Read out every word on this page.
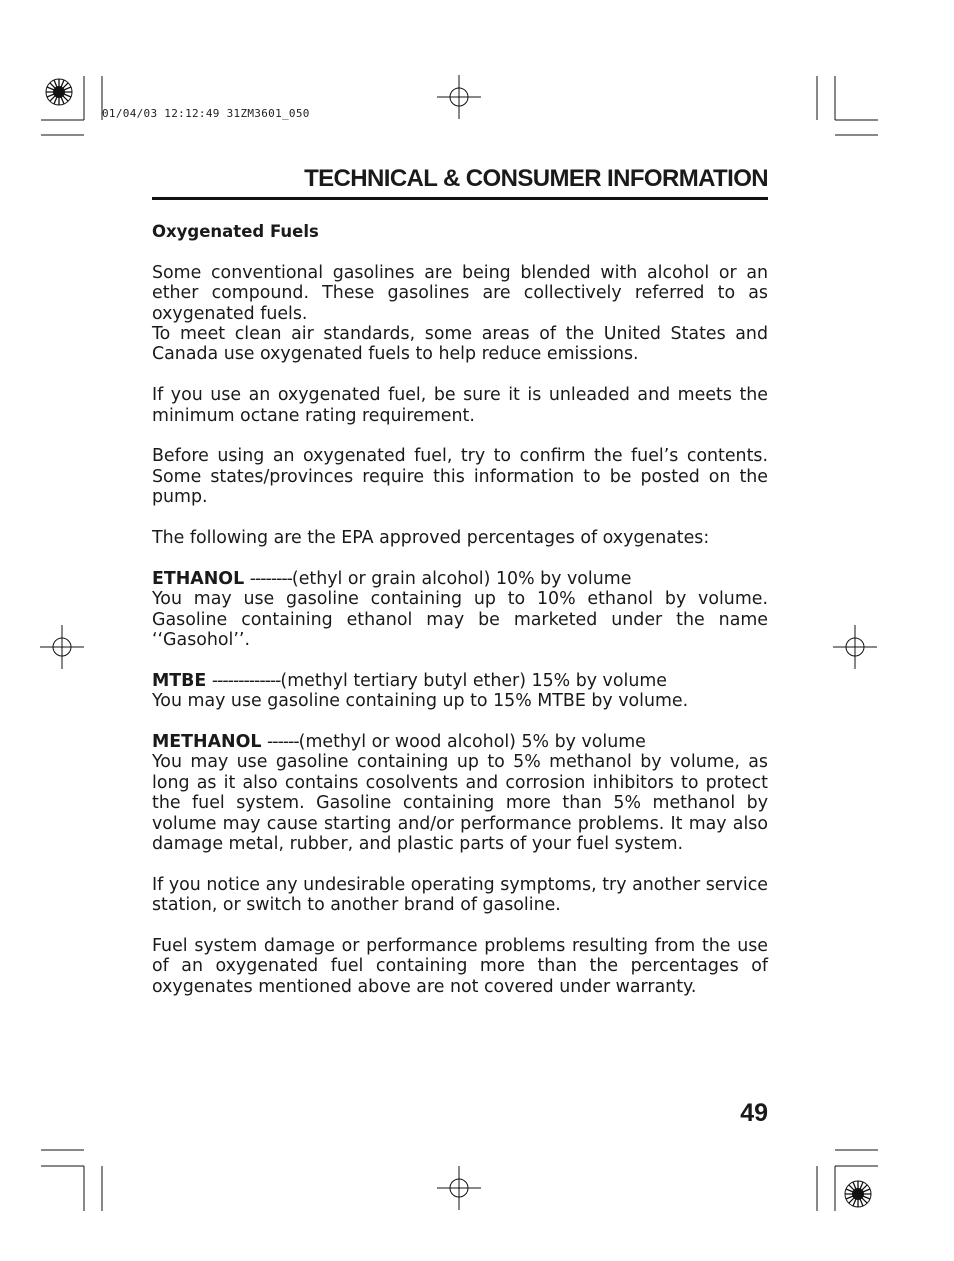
01/04/03 12:12:49 31ZM3601_050
TECHNICAL & CONSUMER INFORMATION
Oxygenated Fuels

Some conventional gasolines are being blended with alcohol or an ether compound. These gasolines are collectively referred to as oxygenated fuels.

To meet clean air standards, some areas of the United States and Canada use oxygenated fuels to help reduce emissions.

If you use an oxygenated fuel, be sure it is unleaded and meets the minimum octane rating requirement.

Before using an oxygenated fuel, try to confirm the fuel’s contents. Some states/provinces require this information to be posted on the pump.

The following are the EPA approved percentages of oxygenates:

ETHANOL --------(ethyl or grain alcohol) 10% by volume

You may use gasoline containing up to 10% ethanol by volume. Gasoline containing ethanol may be marketed under the name ‘‘Gasohol’’.

MTBE -------------(methyl tertiary butyl ether) 15% by volume

You may use gasoline containing up to 15% MTBE by volume.

METHANOL ------(methyl or wood alcohol) 5% by volume

You may use gasoline containing up to 5% methanol by volume, as long as it also contains cosolvents and corrosion inhibitors to protect the fuel system. Gasoline containing more than 5% methanol by volume may cause starting and/or performance problems. It may also damage metal, rubber, and plastic parts of your fuel system.

If you notice any undesirable operating symptoms, try another service station, or switch to another brand of gasoline.

Fuel system damage or performance problems resulting from the use of an oxygenated fuel containing more than the percentages of oxygenates mentioned above are not covered under warranty.

49
